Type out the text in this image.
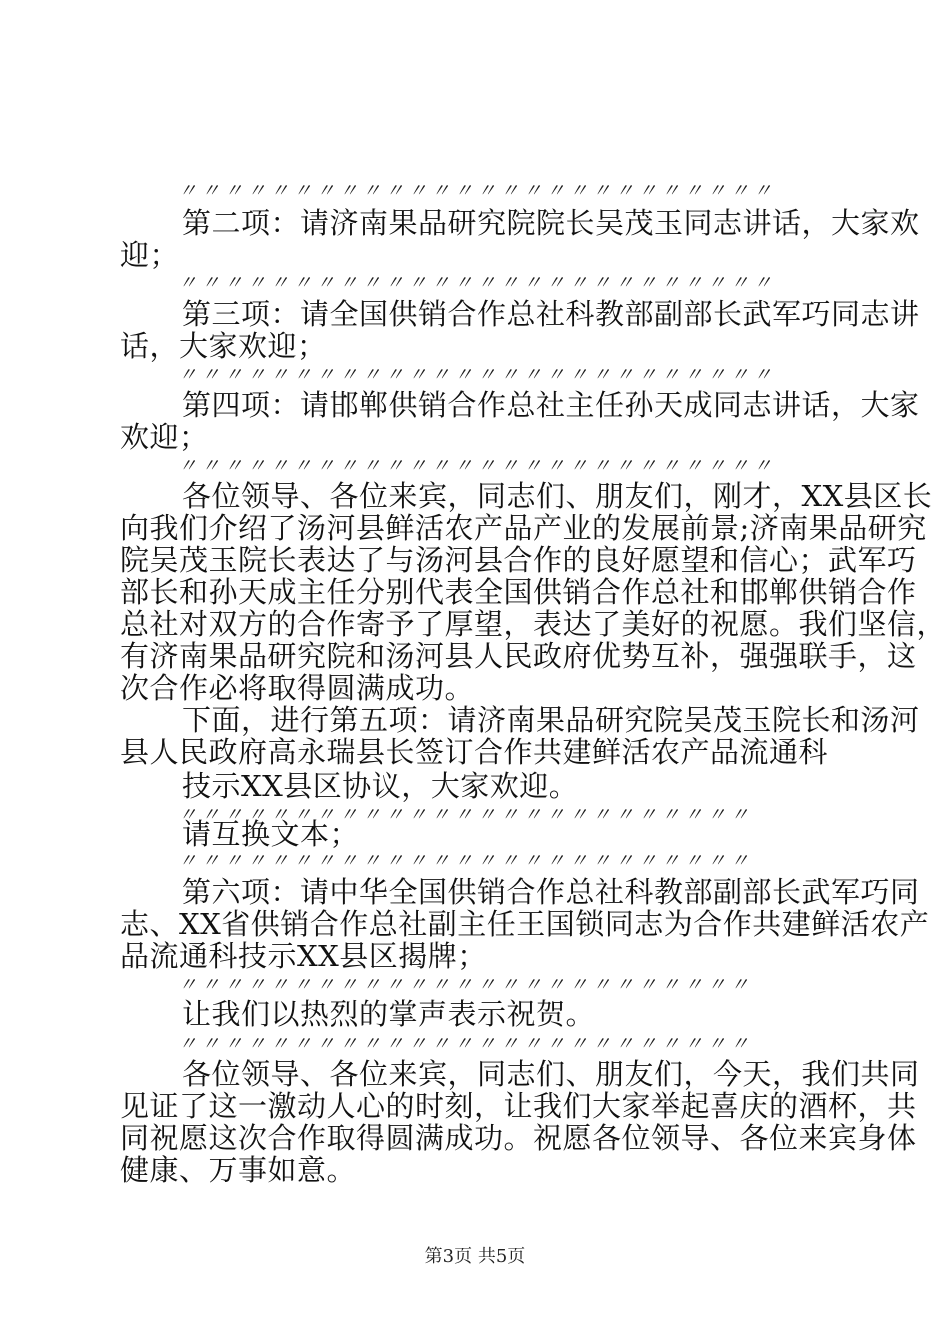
〃〃〃〃〃〃〃〃〃〃〃〃〃〃〃〃〃〃〃〃〃〃〃〃〃〃
第二项：请济南果品研究院院长吴茂玉同志讲话，大家欢
迎；
〃〃〃〃〃〃〃〃〃〃〃〃〃〃〃〃〃〃〃〃〃〃〃〃〃〃
第三项：请全国供销合作总社科教部副部长武军巧同志讲
话，大家欢迎；
〃〃〃〃〃〃〃〃〃〃〃〃〃〃〃〃〃〃〃〃〃〃〃〃〃〃
第四项：请邯郸供销合作总社主任孙天成同志讲话，大家
欢迎；
〃〃〃〃〃〃〃〃〃〃〃〃〃〃〃〃〃〃〃〃〃〃〃〃〃〃
各位领导、各位来宾，同志们、朋友们，刚才，XX县区长
向我们介绍了汤河县鲜活农产品产业的发展前景;济南果品研究
院吴茂玉院长表达了与汤河县合作的良好愿望和信心；武军巧
部长和孙天成主任分别代表全国供销合作总社和邯郸供销合作
总社对双方的合作寄予了厚望，表达了美好的祝愿。我们坚信，
有济南果品研究院和汤河县人民政府优势互补，强强联手，这
次合作必将取得圆满成功。
下面，进行第五项：请济南果品研究院吴茂玉院长和汤河
县人民政府高永瑞县长签订合作共建鲜活农产品流通科
技示XX县区协议，大家欢迎。
〃〃〃〃〃〃〃〃〃〃〃〃〃〃〃〃〃〃〃〃〃〃〃〃〃
请互换文本；
〃〃〃〃〃〃〃〃〃〃〃〃〃〃〃〃〃〃〃〃〃〃〃〃〃
第六项：请中华全国供销合作总社科教部副部长武军巧同
志、XX省供销合作总社副主任王国锁同志为合作共建鲜活农产
品流通科技示XX县区揭牌；
〃〃〃〃〃〃〃〃〃〃〃〃〃〃〃〃〃〃〃〃〃〃〃〃〃
让我们以热烈的掌声表示祝贺。
〃〃〃〃〃〃〃〃〃〃〃〃〃〃〃〃〃〃〃〃〃〃〃〃〃
各位领导、各位来宾，同志们、朋友们，今天，我们共同
见证了这一激动人心的时刻，让我们大家举起喜庆的酒杯，共
同祝愿这次合作取得圆满成功。祝愿各位领导、各位来宾身体
健康、万事如意。
第3页 共5页
